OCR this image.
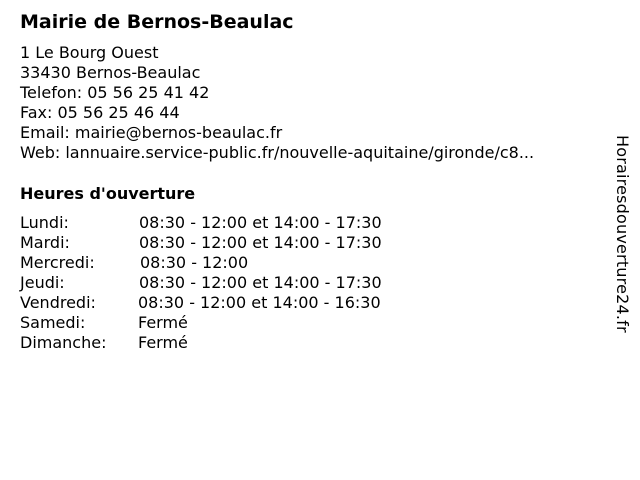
Mairie de Bernos-Beaulac
1 Le Bourg Ouest
33430 Bernos-Beaulac
Telefon: 05 56 25 41 42
Fax: 05 56 25 46 44
Email: mairie@bernos-beaulac.fr
Web: lannuaire.service-public.fr/nouvelle-aquitaine/gironde/c8...
Heures d'ouverture
Lundi:	08:30 - 12:00 et 14:00 - 17:30
Mardi:	08:30 - 12:00 et 14:00 - 17:30
Mercredi:	08:30 - 12:00
Jeudi:	08:30 - 12:00 et 14:00 - 17:30
Vendredi:	08:30 - 12:00 et 14:00 - 16:30
Samedi:	Fermé
Dimanche: Fermé
Horairesdouverture24.fr
